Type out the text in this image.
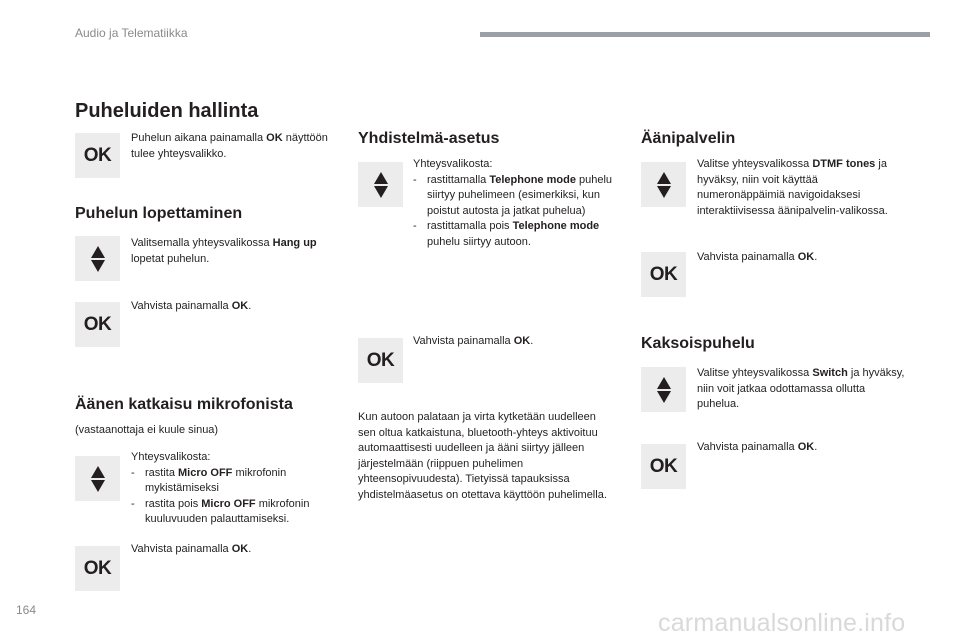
Audio ja Telematiikka
Puheluiden hallinta
OK
Puhelun aikana painamalla OK näyttöön tulee yhteysvalikko.
Puhelun lopettaminen
Valitsemalla yhteysvalikossa Hang up lopetat puhelun.
OK
Vahvista painamalla OK.
Äänen katkaisu mikrofonista
(vastaanottaja ei kuule sinua)
Yhteysvalikosta:
- rastita Micro OFF mikrofonin mykistämiseksi
- rastita pois Micro OFF mikrofonin kuuluvuuden palauttamiseksi.
OK
Vahvista painamalla OK.
Yhdistelmä-asetus
Yhteysvalikosta:
- rastittamalla Telephone mode puhelu siirtyy puhelimeen (esimerkiksi, kun poistut autosta ja jatkat puhelua)
- rastittamalla pois Telephone mode puhelu siirtyy autoon.
OK
Vahvista painamalla OK.
Kun autoon palataan ja virta kytketään uudelleen sen oltua katkaistuna, bluetooth-yhteys aktivoituu automaattisesti uudelleen ja ääni siirtyy jälleen järjestelmään (riippuen puhelimen yhteensopivuudesta). Tietyissä tapauksissa yhdistelmäasetus on otettava käyttöön puhelimella.
Äänipalvelin
Valitse yhteysvalikossa DTMF tones ja hyväksy, niin voit käyttää numeronäppäimiä navigoidaksesi interaktiivisessa äänipalvelin-valikossa.
OK
Vahvista painamalla OK.
Kaksoispuhelu
Valitse yhteysvalikossa Switch ja hyväksy, niin voit jatkaa odottamassa ollutta puhelua.
OK
Vahvista painamalla OK.
164	carmanualsonline.info
